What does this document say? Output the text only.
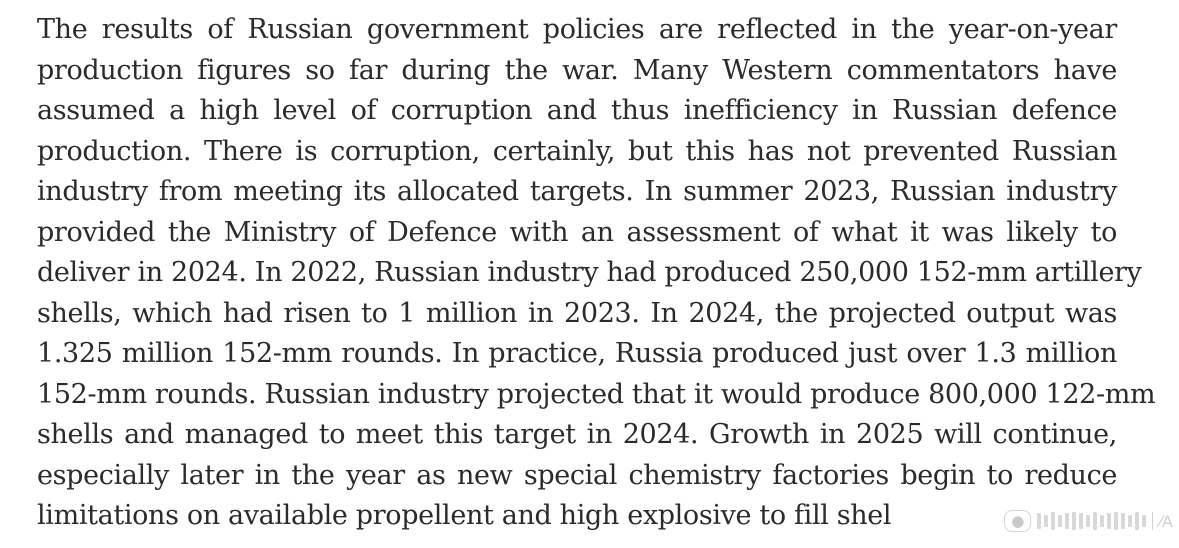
The results of Russian government policies are reflected in the year-on-year
production figures so far during the war. Many Western commentators have
assumed a high level of corruption and thus inefficiency in Russian defence
production. There is corruption, certainly, but this has not prevented Russian
industry from meeting its allocated targets. In summer 2023, Russian industry
provided the Ministry of Defence with an assessment of what it was likely to
deliver in 2024. In 2022, Russian industry had produced 250,000 152-mm artillery
shells, which had risen to 1 million in 2023. In 2024, the projected output was
1.325 million 152-mm rounds. In practice, Russia produced just over 1.3 million
152-mm rounds. Russian industry projected that it would produce 800,000 122-mm
shells and managed to meet this target in 2024. Growth in 2025 will continue,
especially later in the year as new special chemistry factories begin to reduce
limitations on available propellent and high explosive to fill shel	●	⁄A
